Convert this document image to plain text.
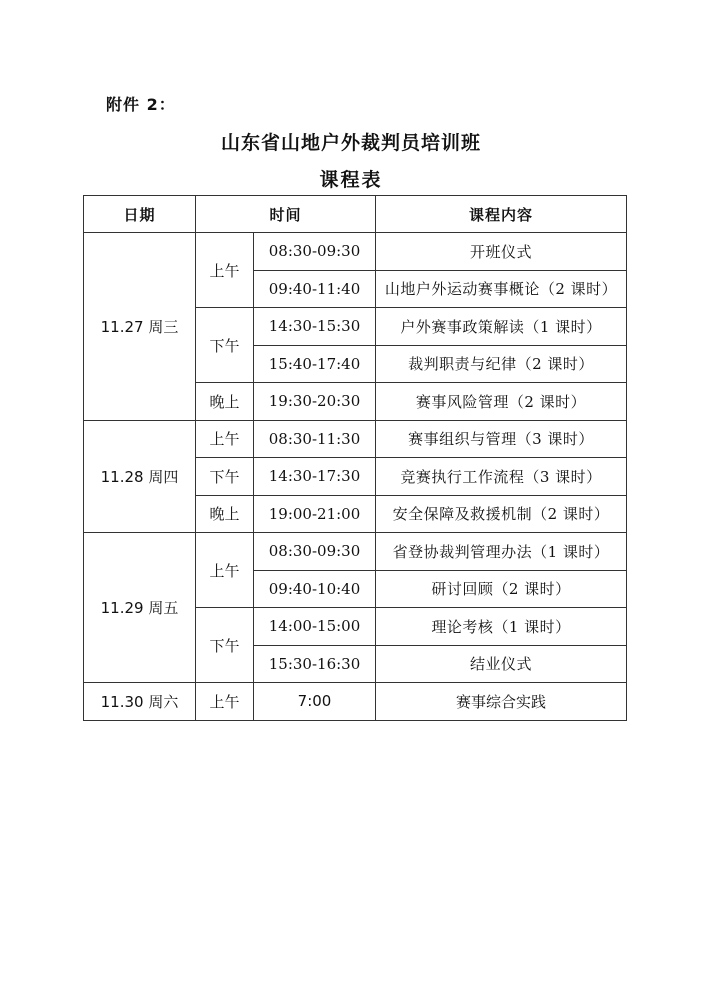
附件 2：
山东省山地户外裁判员培训班
课程表
日期	时间		课程内容
11.27 周三	上午	08:30-09:30	开班仪式
		09:40-11:40	山地户外运动赛事概论（2 课时）
	下午	14:30-15:30	户外赛事政策解读（1 课时）
		15:40-17:40	裁判职责与纪律（2 课时）
	晚上	19:30-20:30	赛事风险管理（2 课时）
11.28 周四	上午	08:30-11:30	赛事组织与管理（3 课时）
	下午	14:30-17:30	竞赛执行工作流程（3 课时）
	晚上	19:00-21:00	安全保障及救援机制（2 课时）
11.29 周五	上午	08:30-09:30	省登协裁判管理办法（1 课时）
		09:40-10:40	研讨回顾（2 课时）
	下午	14:00-15:00	理论考核（1 课时）
		15:30-16:30	结业仪式
11.30 周六	上午	7:00	赛事综合实践
